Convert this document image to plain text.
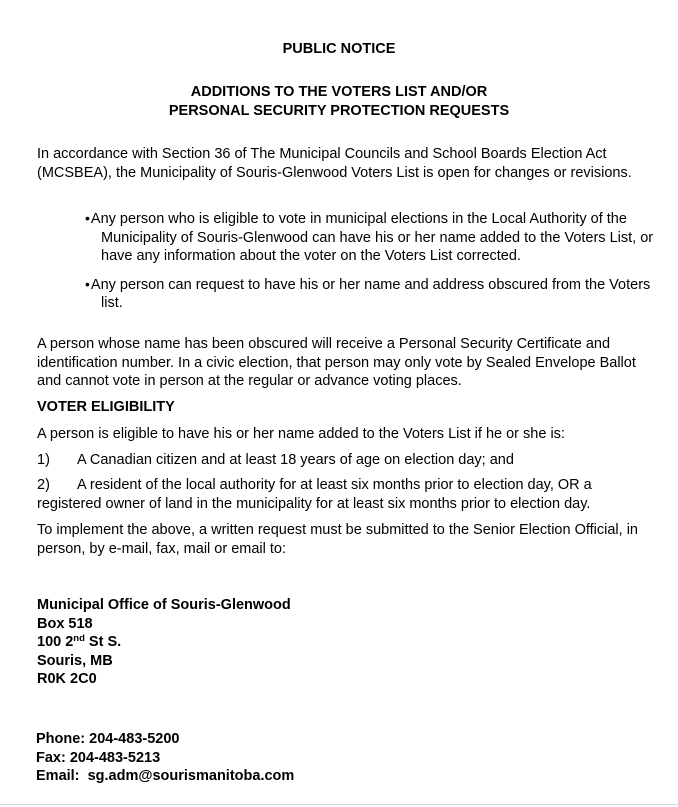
PUBLIC NOTICE
ADDITIONS TO THE VOTERS LIST AND/OR
PERSONAL SECURITY PROTECTION REQUESTS

In accordance with Section 36 of The Municipal Councils and School Boards Election Act (MCSBEA), the Municipality of Souris-Glenwood Voters List is open for changes or revisions.

•Any person who is eligible to vote in municipal elections in the Local Authority of the Municipality of Souris-Glenwood can have his or her name added to the Voters List, or have any information about the voter on the Voters List corrected.
•Any person can request to have his or her name and address obscured from the Voters list.

A person whose name has been obscured will receive a Personal Security Certificate and identification number. In a civic election, that person may only vote by Sealed Envelope Ballot and cannot vote in person at the regular or advance voting places.

VOTER ELIGIBILITY

A person is eligible to have his or her name added to the Voters List if he or she is:

1) A Canadian citizen and at least 18 years of age on election day; and
2) A resident of the local authority for at least six months prior to election day, OR a registered owner of land in the municipality for at least six months prior to election day.

To implement the above, a written request must be submitted to the Senior Election Official, in person, by e-mail, fax, mail or email to:

Municipal Office of Souris-Glenwood
Box 518
100 2nd St S.
Souris, MB
R0K 2C0
Phone: 204-483-5200
Fax: 204-483-5213
Email:  sg.adm@sourismanitoba.com
